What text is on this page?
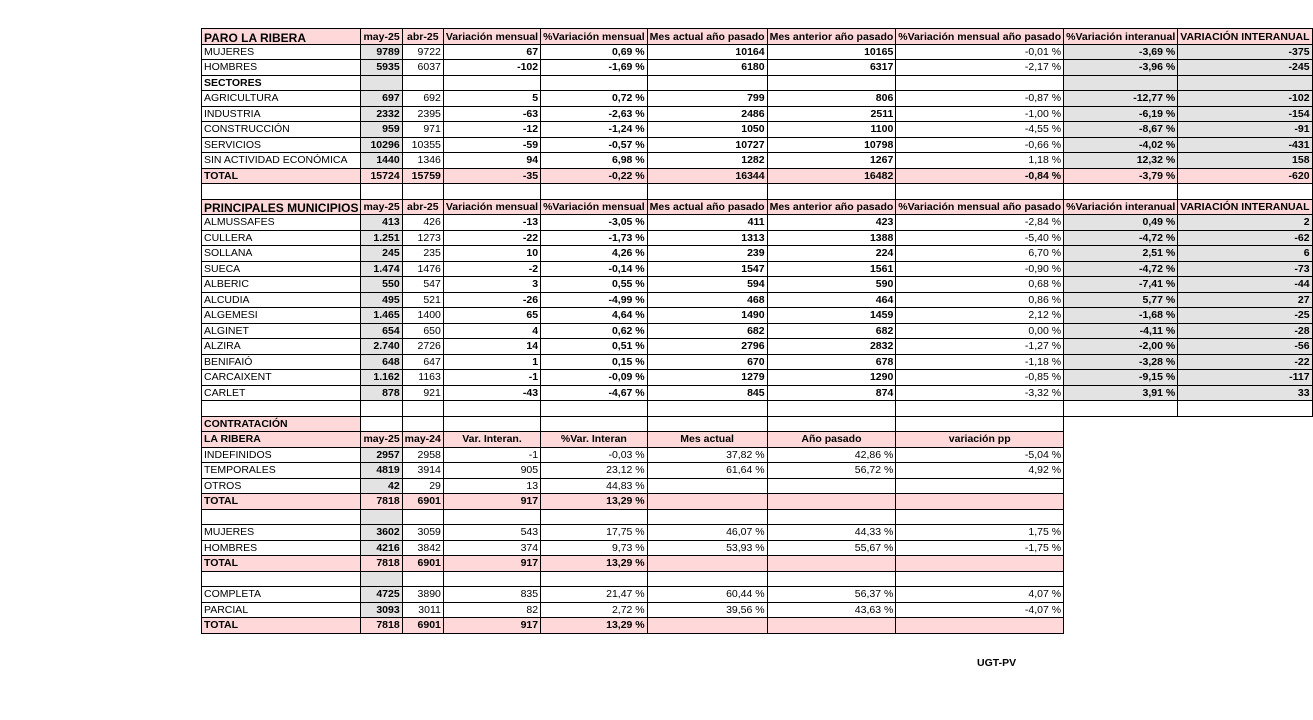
PARO LA RIBERA	may-25	abr-25	Variación mensual	%Variación mensual	Mes actual año pasado	Mes anterior año pasado	%Variación mensual año pasado	%Variación interanual	VARIACIÓN INTERANUAL
MUJERES	9789	9722	67	0,69 %	10164	10165	-0,01 %	-3,69 %	-375
HOMBRES	5935	6037	-102	-1,69 %	6180	6317	-2,17 %	-3,96 %	-245
SECTORES									
AGRICULTURA	697	692	5	0,72 %	799	806	-0,87 %	-12,77 %	-102
INDUSTRIA	2332	2395	-63	-2,63 %	2486	2511	-1,00 %	-6,19 %	-154
CONSTRUCCIÓN	959	971	-12	-1,24 %	1050	1100	-4,55 %	-8,67 %	-91
SERVICIOS	10296	10355	-59	-0,57 %	10727	10798	-0,66 %	-4,02 %	-431
SIN ACTIVIDAD ECONÓMICA	1440	1346	94	6,98 %	1282	1267	1,18 %	12,32 %	158
TOTAL	15724	15759	-35	-0,22 %	16344	16482	-0,84 %	-3,79 %	-620

PRINCIPALES MUNICIPIOS	may-25	abr-25	Variación mensual	%Variación mensual	Mes actual año pasado	Mes anterior año pasado	%Variación mensual año pasado	%Variación interanual	VARIACIÓN INTERANUAL
ALMUSSAFES	413	426	-13	-3,05 %	411	423	-2,84 %	0,49 %	2
CULLERA	1.251	1273	-22	-1,73 %	1313	1388	-5,40 %	-4,72 %	-62
SOLLANA	245	235	10	4,26 %	239	224	6,70 %	2,51 %	6
SUECA	1.474	1476	-2	-0,14 %	1547	1561	-0,90 %	-4,72 %	-73
ALBERIC	550	547	3	0,55 %	594	590	0,68 %	-7,41 %	-44
ALCUDIA	495	521	-26	-4,99 %	468	464	0,86 %	5,77 %	27
ALGEMESI	1.465	1400	65	4,64 %	1490	1459	2,12 %	-1,68 %	-25
ALGINET	654	650	4	0,62 %	682	682	0,00 %	-4,11 %	-28
ALZIRA	2.740	2726	14	0,51 %	2796	2832	-1,27 %	-2,00 %	-56
BENIFAIÓ	648	647	1	0,15 %	670	678	-1,18 %	-3,28 %	-22
CARCAIXENT	1.162	1163	-1	-0,09 %	1279	1290	-0,85 %	-9,15 %	-117
CARLET	878	921	-43	-4,67 %	845	874	-3,32 %	3,91 %	33

CONTRATACIÓN									
LA RIBERA	may-25	may-24	Var. Interan.	%Var. Interan	Mes actual	Año pasado	variación pp		
INDEFINIDOS	2957	2958	-1	-0,03 %	37,82 %	42,86 %	-5,04 %		
TEMPORALES	4819	3914	905	23,12 %	61,64 %	56,72 %	4,92 %		
OTROS	42	29	13	44,83 %					
TOTAL	7818	6901	917	13,29 %					

MUJERES	3602	3059	543	17,75 %	46,07 %	44,33 %	1,75 %		
HOMBRES	4216	3842	374	9,73 %	53,93 %	55,67 %	-1,75 %		
TOTAL	7818	6901	917	13,29 %					

COMPLETA	4725	3890	835	21,47 %	60,44 %	56,37 %	4,07 %		
PARCIAL	3093	3011	82	2,72 %	39,56 %	43,63 %	-4,07 %		
TOTAL	7818	6901	917	13,29 %					
UGT-PV
